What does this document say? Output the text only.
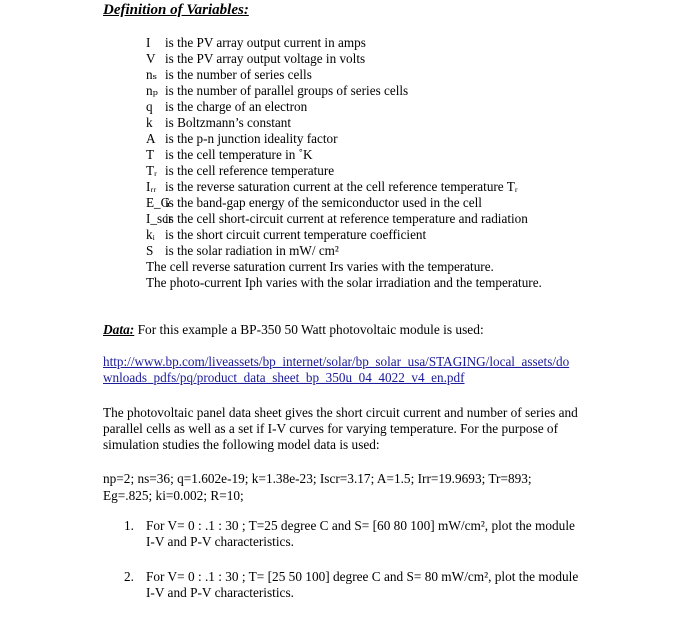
Definition of Variables:
I is the PV array output current in amps
V is the PV array output voltage in volts
nₛ is the number of series cells
nₚ is the number of parallel groups of series cells
q is the charge of an electron
k is Boltzmann’s constant
A is the p-n junction ideality factor
T is the cell temperature in ˚K
Tᵣ is the cell reference temperature
Iᵣᵣ is the reverse saturation current at the cell reference temperature Tᵣ
E_Gis the band-gap energy of the semiconductor used in the cell
I_scris the cell short-circuit current at reference temperature and radiation
kᵢ is the short circuit current temperature coefficient
S is the solar radiation in mW/ cm²
The cell reverse saturation current Irs varies with the temperature.
The photo-current Iph varies with the solar irradiation and the temperature.
Data: For this example a BP-350 50 Watt photovoltaic module is used:
http://www.bp.com/liveassets/bp_internet/solar/bp_solar_usa/STAGING/local_assets/do
wnloads_pdfs/pq/product_data_sheet_bp_350u_04_4022_v4_en.pdf
The photovoltaic panel data sheet gives the short circuit current and number of series and parallel cells as well as a set if I-V curves for varying temperature. For the purpose of simulation studies the following model data is used:
np=2; ns=36; q=1.602e-19; k=1.38e-23; Iscr=3.17; A=1.5; Irr=19.9693; Tr=893;
Eg=.825; ki=0.002; R=10;
1. For V= 0 : .1 : 30 ; T=25 degree C and S= [60 80 100] mW/cm², plot the module
I-V and P-V characteristics.
2. For V= 0 : .1 : 30 ; T= [25 50 100] degree C and S= 80 mW/cm², plot the module
I-V and P-V characteristics.
